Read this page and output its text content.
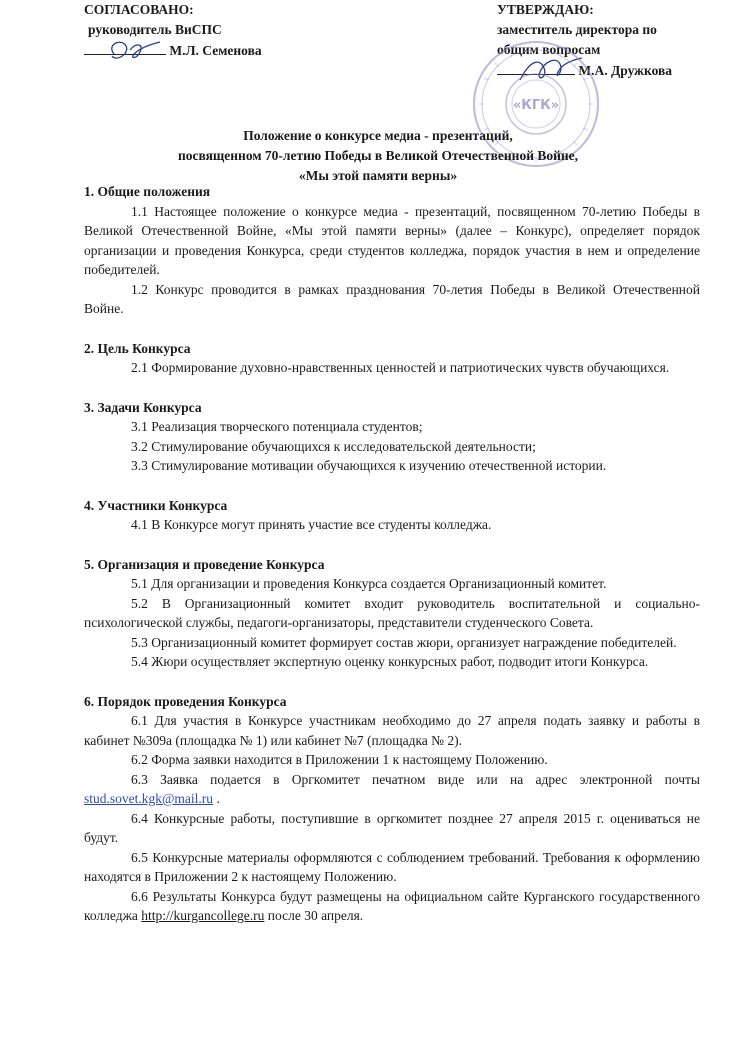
СОГЛАСОВАНО:
руководитель ВиСПС
М.Л. Семенова
УТВЕРЖДАЮ:
заместитель директора по
общим вопросам
М.А. Дружкова
«КГК»
Положение о конкурсе медиа - презентаций,
посвященном 70-летию Победы в Великой Отечественной Войне,
«Мы этой памяти верны»
1. Общие положения

1.1 Настоящее положение о конкурсе медиа - презентаций, посвященном 70-летию Победы в Великой Отечественной Войне, «Мы этой памяти верны» (далее – Конкурс), определяет порядок организации и проведения Конкурса, среди студентов колледжа, порядок участия в нем и определение победителей.

1.2 Конкурс проводится в рамках празднования 70-летия Победы в Великой Отечественной Войне.

2. Цель Конкурса

2.1 Формирование духовно-нравственных ценностей и патриотических чувств обучающихся.

3. Задачи Конкурса

3.1 Реализация творческого потенциала студентов;

3.2 Стимулирование обучающихся к исследовательской деятельности;

3.3 Стимулирование мотивации обучающихся к изучению отечественной истории.

4. Участники Конкурса

4.1 В Конкурсе могут принять участие все студенты колледжа.

5. Организация и проведение Конкурса

5.1 Для организации и проведения Конкурса создается Организационный комитет.

5.2 В Организационный комитет входит руководитель воспитательной и социально-психологической службы, педагоги-организаторы, представители студенческого Совета.

5.3 Организационный комитет формирует состав жюри, организует награждение победителей.

5.4 Жюри осуществляет экспертную оценку конкурсных работ, подводит итоги Конкурса.

6. Порядок проведения Конкурса

6.1 Для участия в Конкурсе участникам необходимо до 27 апреля подать заявку и работы в кабинет №309а (площадка № 1) или кабинет №7 (площадка № 2).

6.2 Форма заявки находится в Приложении 1 к настоящему Положению.

6.3 Заявка подается в Оргкомитет печатном виде или на адрес электронной почты stud.sovet.kgk@mail.ru .

6.4 Конкурсные работы, поступившие в оргкомитет позднее 27 апреля 2015 г. оцениваться не будут.

6.5 Конкурсные материалы оформляются с соблюдением требований. Требования к оформлению находятся в Приложении 2 к настоящему Положению.

6.6 Результаты Конкурса будут размещены на официальном сайте Курганского государственного колледжа http://kurgancollege.ru после 30 апреля.
